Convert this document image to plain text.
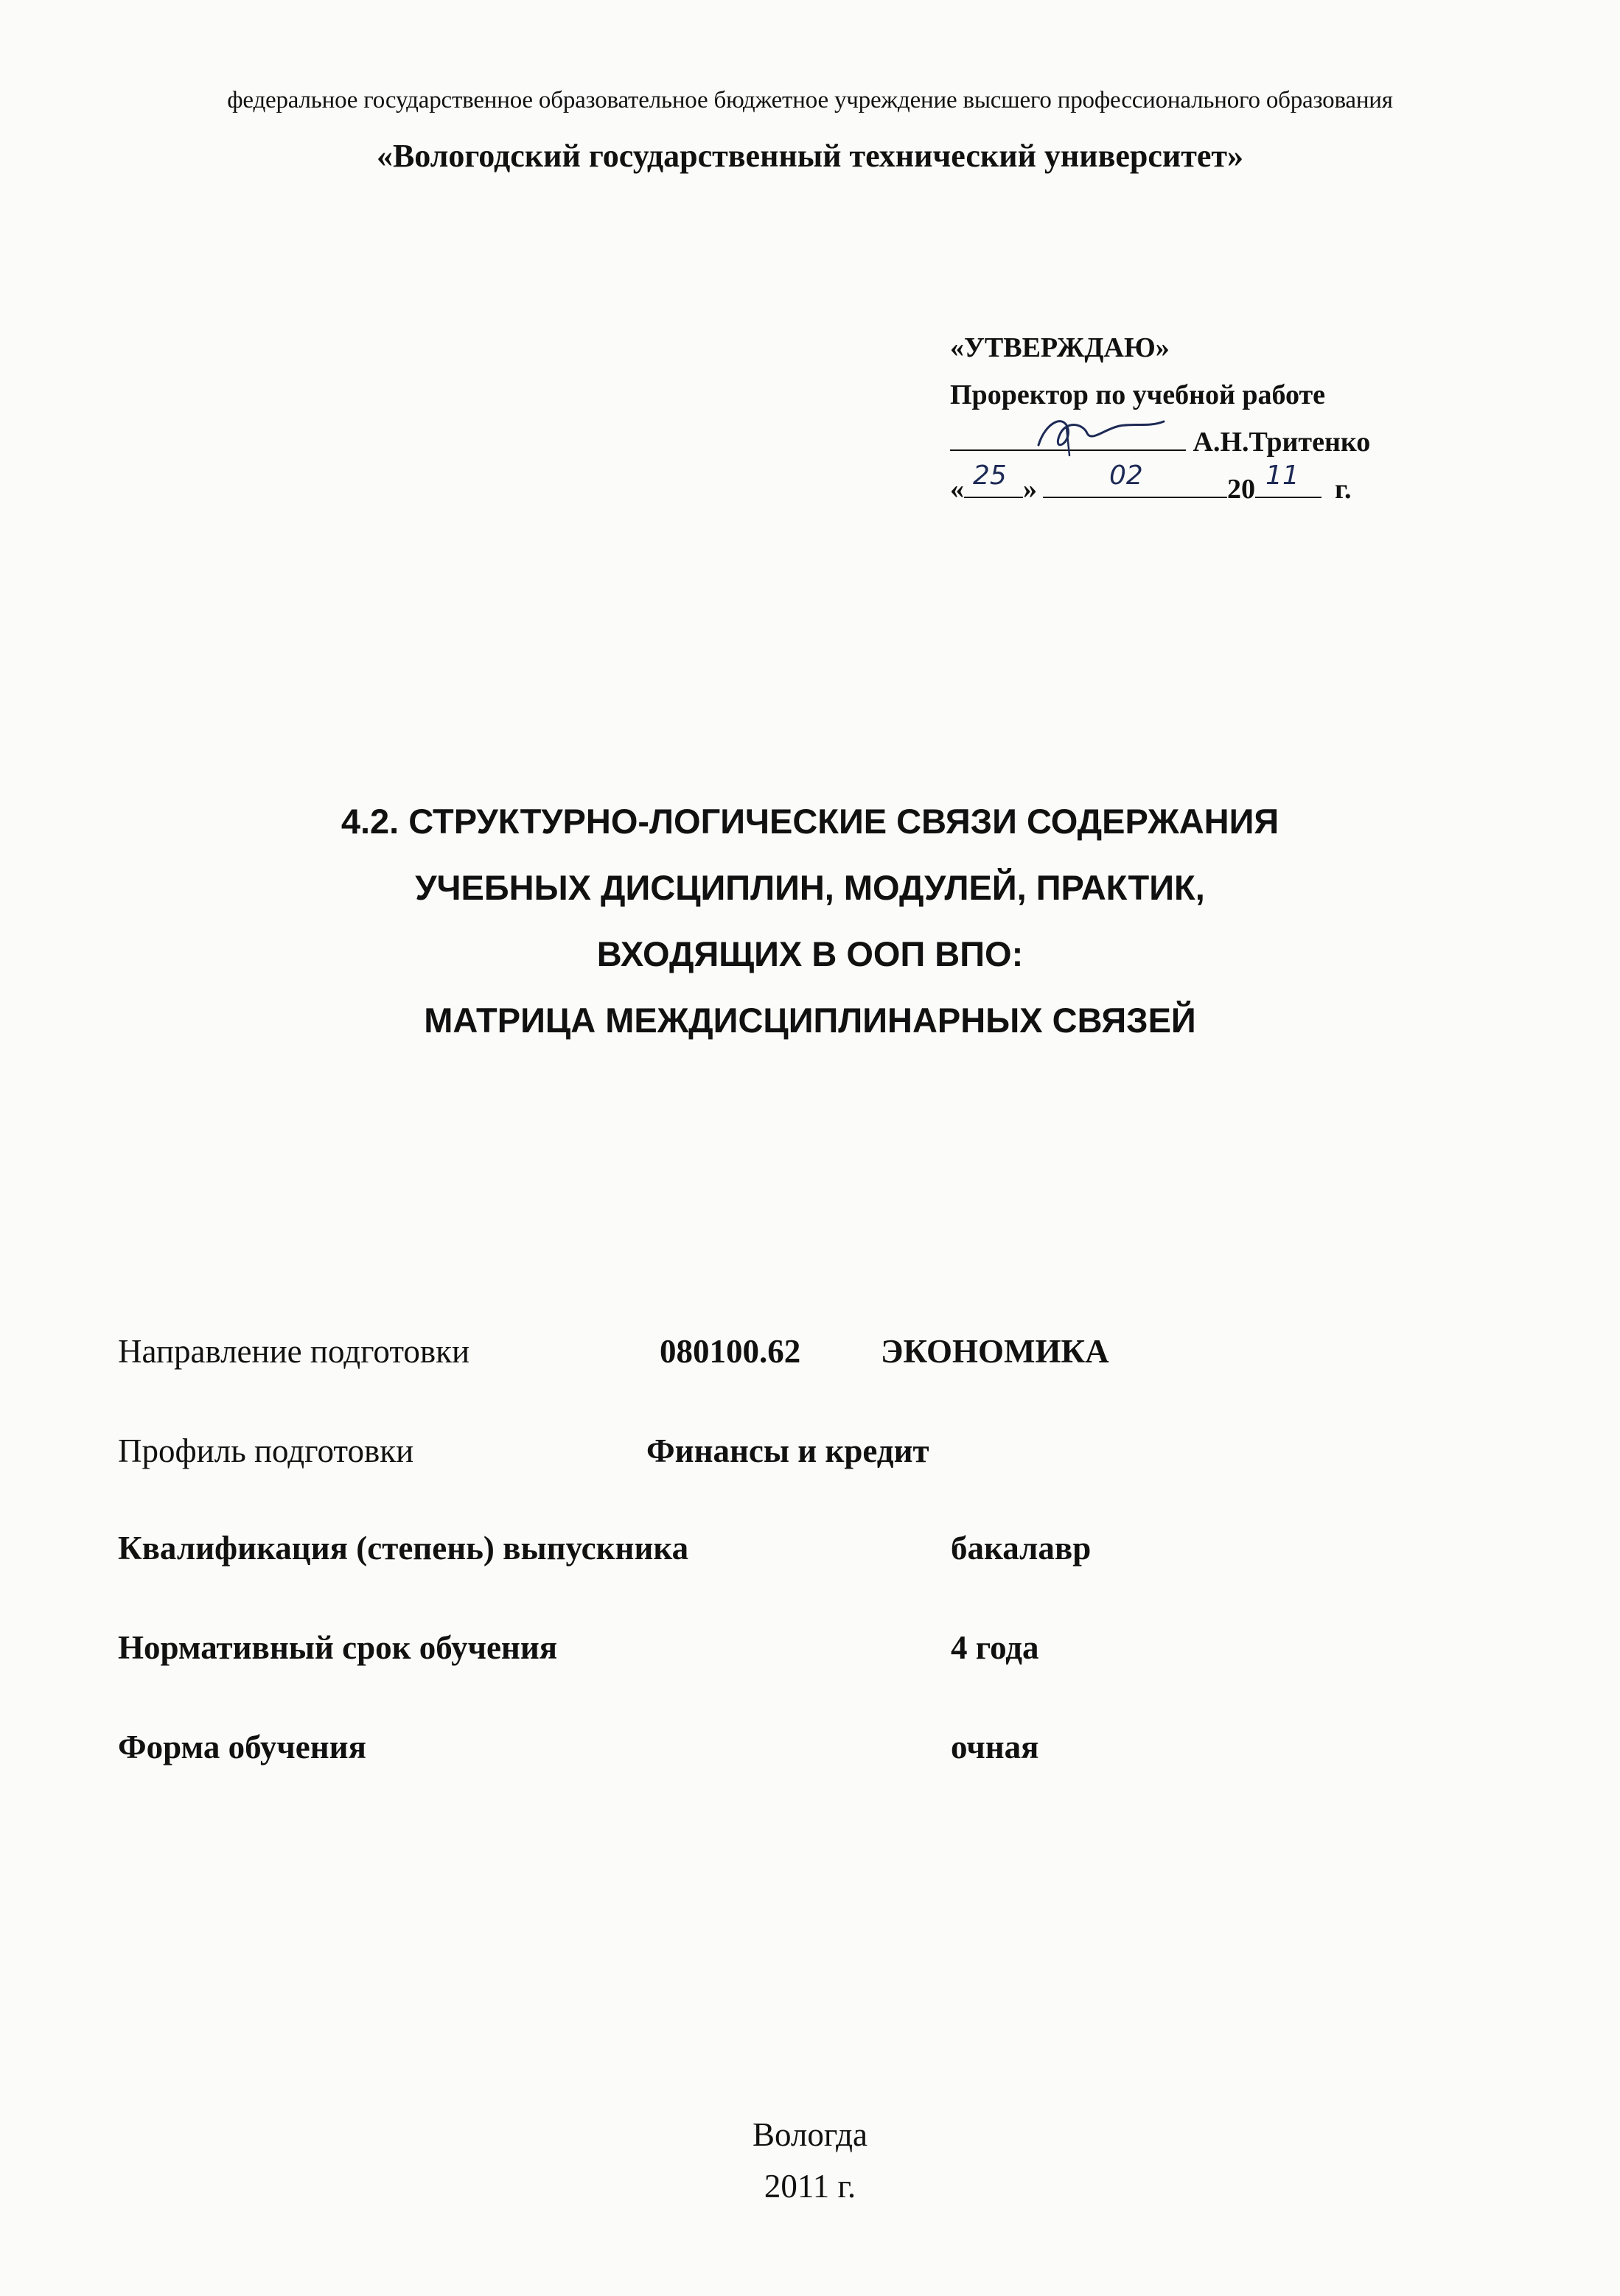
федеральное государственное образовательное бюджетное учреждение высшего профессионального образования
«Вологодский государственный технический университет»
«УТВЕРЖДАЮ»
Проректор по учебной работе

А.Н.Тритенко
« 25 »	02	20 11 г.
4.2. СТРУКТУРНО-ЛОГИЧЕСКИЕ СВЯЗИ СОДЕРЖАНИЯ
УЧЕБНЫХ ДИСЦИПЛИН, МОДУЛЕЙ, ПРАКТИК,
ВХОДЯЩИХ В ООП ВПО:
МАТРИЦА МЕЖДИСЦИПЛИНАРНЫХ СВЯЗЕЙ
Направление подготовки	080100.62 ЭКОНОМИКА
Профиль подготовки	Финансы и кредит
Квалификация (степень) выпускника	бакалавр
Нормативный срок обучения	4 года
Форма обучения	очная
Вологда
2011 г.
